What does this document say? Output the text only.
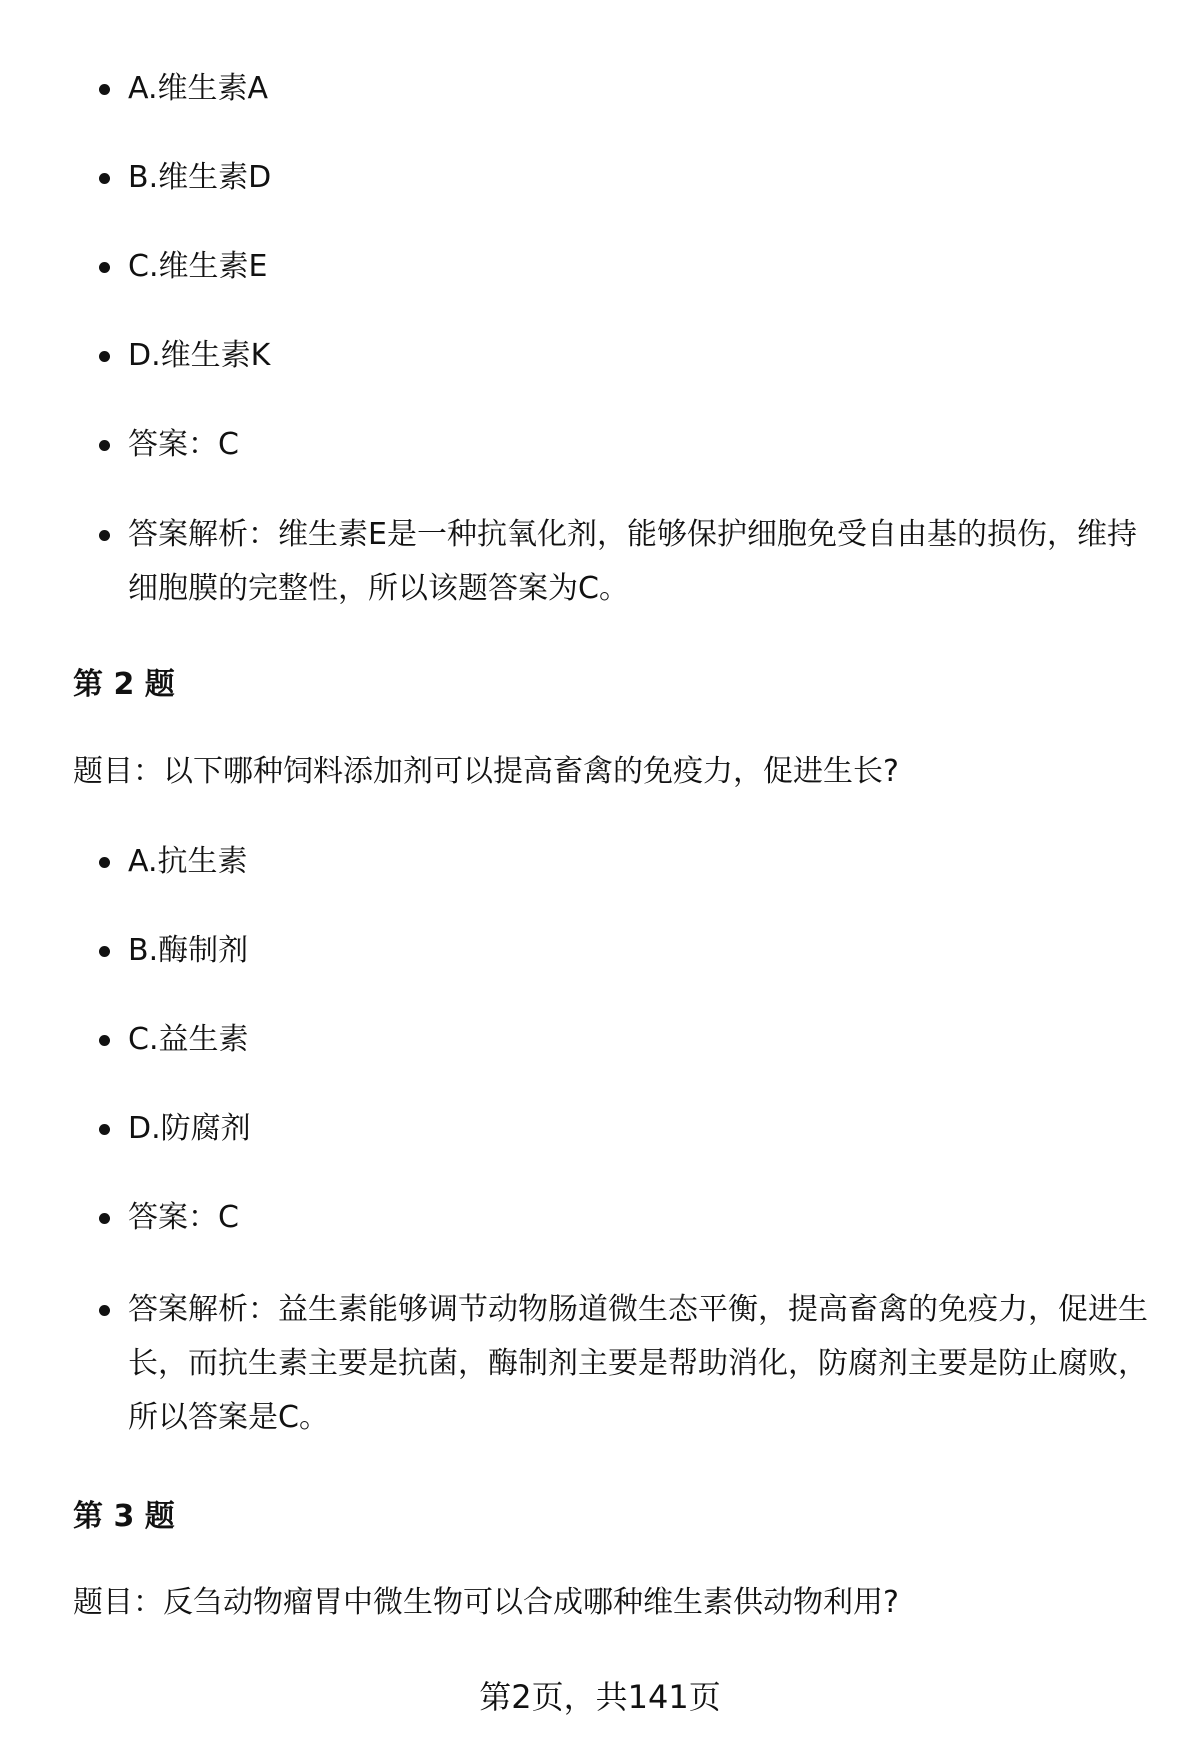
A.维生素A
B.维生素D
C.维生素E
D.维生素K
答案：C
答案解析：维生素E是一种抗氧化剂，能够保护细胞免受自由基的损伤，维持细胞膜的完整性，所以该题答案为C。
第 2 题
题目：以下哪种饲料添加剂可以提高畜禽的免疫力，促进生长?
A.抗生素
B.酶制剂
C.益生素
D.防腐剂
答案：C
答案解析：益生素能够调节动物肠道微生态平衡，提高畜禽的免疫力，促进生长，而抗生素主要是抗菌，酶制剂主要是帮助消化，防腐剂主要是防止腐败，所以答案是C。
第 3 题
题目：反刍动物瘤胃中微生物可以合成哪种维生素供动物利用?
第2页，共141页
